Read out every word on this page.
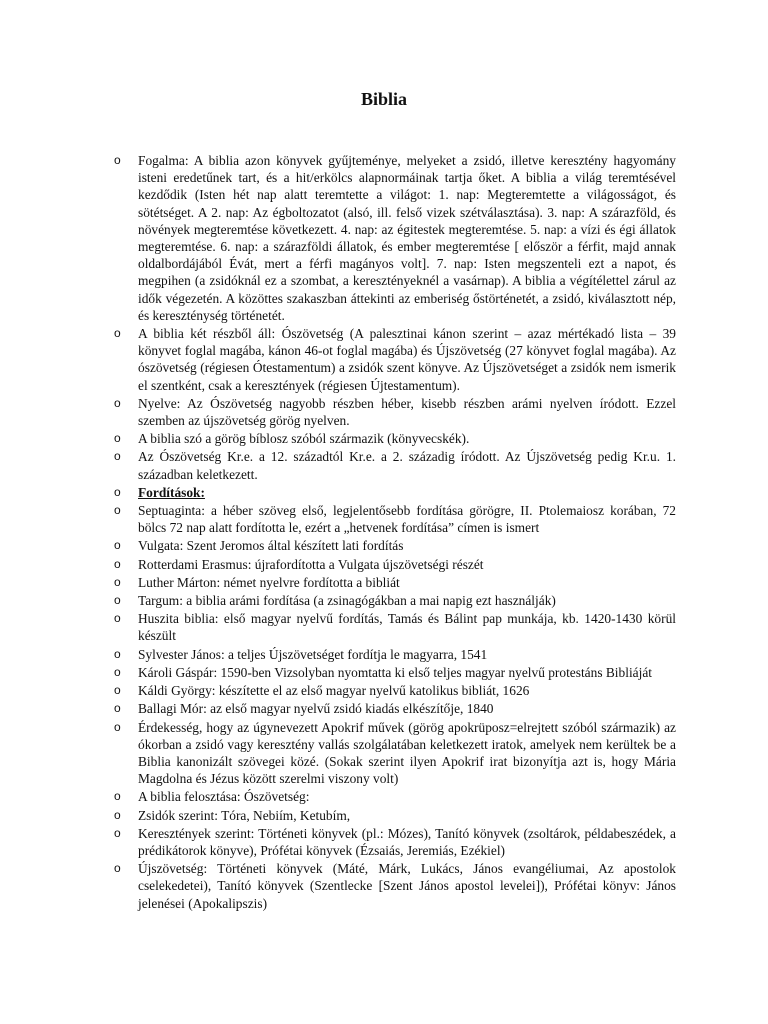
Biblia
o Fogalma: A biblia azon könyvek gyűjteménye, melyeket a zsidó, illetve keresztény hagyomány isteni eredetűnek tart, és a hit/erkölcs alapnormáinak tartja őket. A biblia a világ teremtésével kezdődik (Isten hét nap alatt teremtette a világot: 1. nap: Megteremtette a világosságot, és sötétséget. A 2. nap: Az égboltozatot (alsó, ill. felső vizek szétválasztása). 3. nap: A szárazföld, és növények megteremtése következett. 4. nap: az égitestek megteremtése. 5. nap: a vízi és égi állatok megteremtése. 6. nap: a szárazföldi állatok, és ember megteremtése [ először a férfit, majd annak oldalbordájából Évát, mert a férfi magányos volt]. 7. nap: Isten megszenteli ezt a napot, és megpihen (a zsidóknál ez a szombat, a keresztényeknél a vasárnap). A biblia a végítélettel zárul az idők végezetén. A közöttes szakaszban áttekinti az emberiség őstörténetét, a zsidó, kiválasztott nép, és kereszténység történetét.
o A biblia két részből áll: Ószövetség (A palesztinai kánon szerint – azaz mértékadó lista – 39 könyvet foglal magába, kánon 46-ot foglal magába) és Újszövetség (27 könyvet foglal magába). Az ószövetség (régiesen Ótestamentum) a zsidók szent könyve. Az Újszövetséget a zsidók nem ismerik el szentként, csak a keresztények (régiesen Újtestamentum).
o Nyelve: Az Ószövetség nagyobb részben héber, kisebb részben arámi nyelven íródott. Ezzel szemben az újszövetség görög nyelven.
o A biblia szó a görög bíblosz szóból származik (könyvecskék).
o Az Ószövetség Kr.e. a 12. századtól Kr.e. a 2. századig íródott. Az Újszövetség pedig Kr.u. 1. században keletkezett.
o Fordítások:
o Septuaginta: a héber szöveg első, legjelentősebb fordítása görögre, II. Ptolemaiosz korában, 72 bölcs 72 nap alatt fordította le, ezért a „hetvenek fordítása” címen is ismert
o Vulgata: Szent Jeromos által készített lati fordítás
o Rotterdami Erasmus: újrafordította a Vulgata újszövetségi részét
o Luther Márton: német nyelvre fordította a bibliát
o Targum: a biblia arámi fordítása (a zsinagógákban a mai napig ezt használják)
o Huszita biblia: első magyar nyelvű fordítás, Tamás és Bálint pap munkája, kb. 1420-1430 körül készült
o Sylvester János: a teljes Újszövetséget fordítja le magyarra, 1541
o Károli Gáspár: 1590-ben Vizsolyban nyomtatta ki első teljes magyar nyelvű protestáns Bibliáját
o Káldi György: készítette el az első magyar nyelvű katolikus bibliát, 1626
o Ballagi Mór: az első magyar nyelvű zsidó kiadás elkészítője, 1840
o Érdekesség, hogy az úgynevezett Apokrif művek (görög apokrüposz=elrejtett szóból származik) az ókorban a zsidó vagy keresztény vallás szolgálatában keletkezett iratok, amelyek nem kerültek be a Biblia kanonizált szövegei közé. (Sokak szerint ilyen Apokrif irat bizonyítja azt is, hogy Mária Magdolna és Jézus között szerelmi viszony volt)
o A biblia felosztása: Ószövetség:
o Zsidók szerint: Tóra, Nebiím, Ketubím,
o Keresztények szerint: Történeti könyvek (pl.: Mózes), Tanító könyvek (zsoltárok, példabeszédek, a prédikátorok könyve), Prófétai könyvek (Ézsaiás, Jeremiás, Ezékiel)
o Újszövetség: Történeti könyvek (Máté, Márk, Lukács, János evangéliumai, Az apostolok cselekedetei), Tanító könyvek (Szentlecke [Szent János apostol levelei]), Prófétai könyv: János jelenései (Apokalipszis)
